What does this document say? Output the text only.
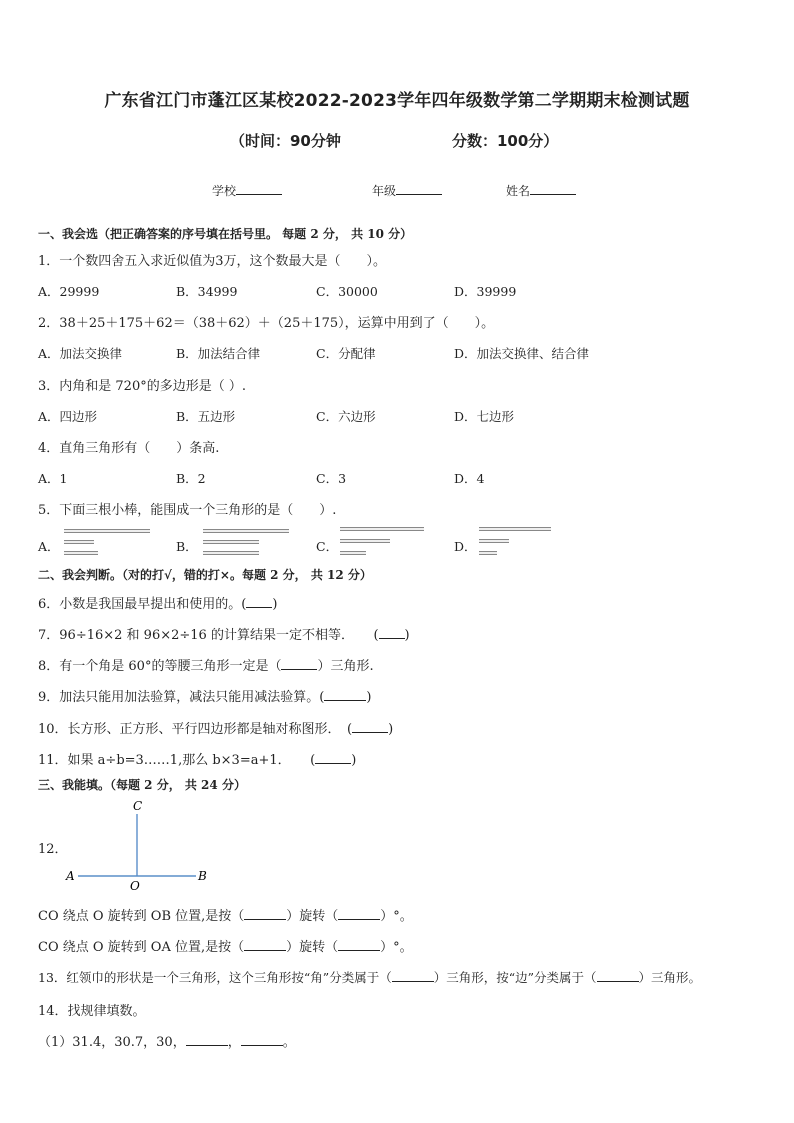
广东省江门市蓬江区某校2022-2023学年四年级数学第二学期期末检测试题
（时间：90分钟	分数：100分）
学校	年级	姓名
一、我会选（把正确答案的序号填在括号里。 每题 2 分， 共 10 分）
1．一个数四舍五入求近似值为3万，这个数最大是（　　）。
A．29999	B．34999	C．30000	D．39999
2．38＋25＋175＋62＝（38＋62）＋（25＋175），运算中用到了（　　）。
A．加法交换律	B．加法结合律	C．分配律	D．加法交换律、结合律
3．内角和是 720°的多边形是（ ）.
A．四边形	B．五边形	C．六边形	D．七边形
4．直角三角形有（　　）条高.
A．1	B．2	C．3	D．4
5．下面三根小棒，能围成一个三角形的是（　　）.
A．	B．	C．	D．
二、我会判断。（对的打√，错的打×。每题 2 分， 共 12 分）
6．小数是我国最早提出和使用的。( )
7．96÷16×2 和 96×2÷16 的计算结果一定不相等．　　( )
8．有一个角是 60°的等腰三角形一定是（	）三角形.
9．加法只能用加法验算，减法只能用减法验算。(	)
10．长方形、正方形、平行四边形都是轴对称图形．　(	)
11．如果 a÷b=3……1,那么 b×3=a+1．　　(	)
三、我能填。（每题 2 分， 共 24 分）
12．
C
A	B
O
CO 绕点 O 旋转到 OB 位置,是按（	）旋转（	）°。
CO 绕点 O 旋转到 OA 位置,是按（	）旋转（	）°。
13．红领巾的形状是一个三角形，这个三角形按“角”分类属于（	）三角形，按“边”分类属于（	）三角形。
14．找规律填数。
（1）31.4，30.7，30，	，	。
